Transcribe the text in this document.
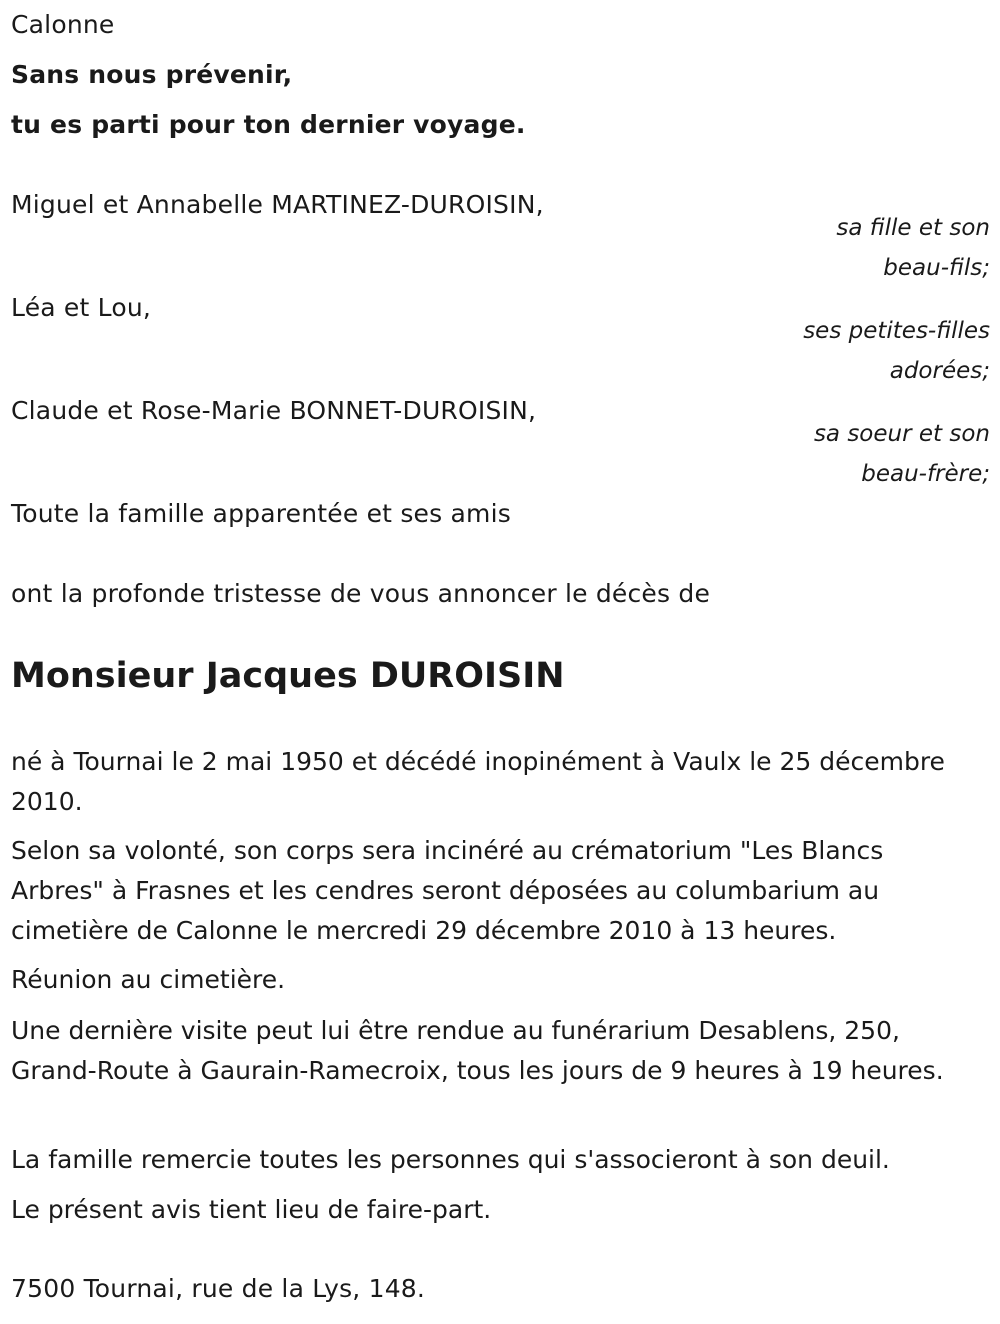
Calonne

Sans nous prévenir,

tu es parti pour ton dernier voyage.

Miguel et Annabelle MARTINEZ-DUROISIN,

sa fille et son
beau-fils;

Léa et Lou,

ses petites-filles
adorées;

Claude et Rose-Marie BONNET-DUROISIN,

sa soeur et son
beau-frère;

Toute la famille apparentée et ses amis

ont la profonde tristesse de vous annoncer le décès de

Monsieur Jacques DUROISIN

né à Tournai le 2 mai 1950 et décédé inopinément à Vaulx le 25 décembre 2010.

Selon sa volonté, son corps sera incinéré au crématorium "Les Blancs Arbres" à Frasnes et les cendres seront déposées au columbarium au cimetière de Calonne le mercredi 29 décembre 2010 à 13 heures.

Réunion au cimetière.

Une dernière visite peut lui être rendue au funérarium Desablens, 250, Grand-Route à Gaurain-Ramecroix, tous les jours de 9 heures à 19 heures.

La famille remercie toutes les personnes qui s'associeront à son deuil.

Le présent avis tient lieu de faire-part.

7500 Tournai, rue de la Lys, 148.
